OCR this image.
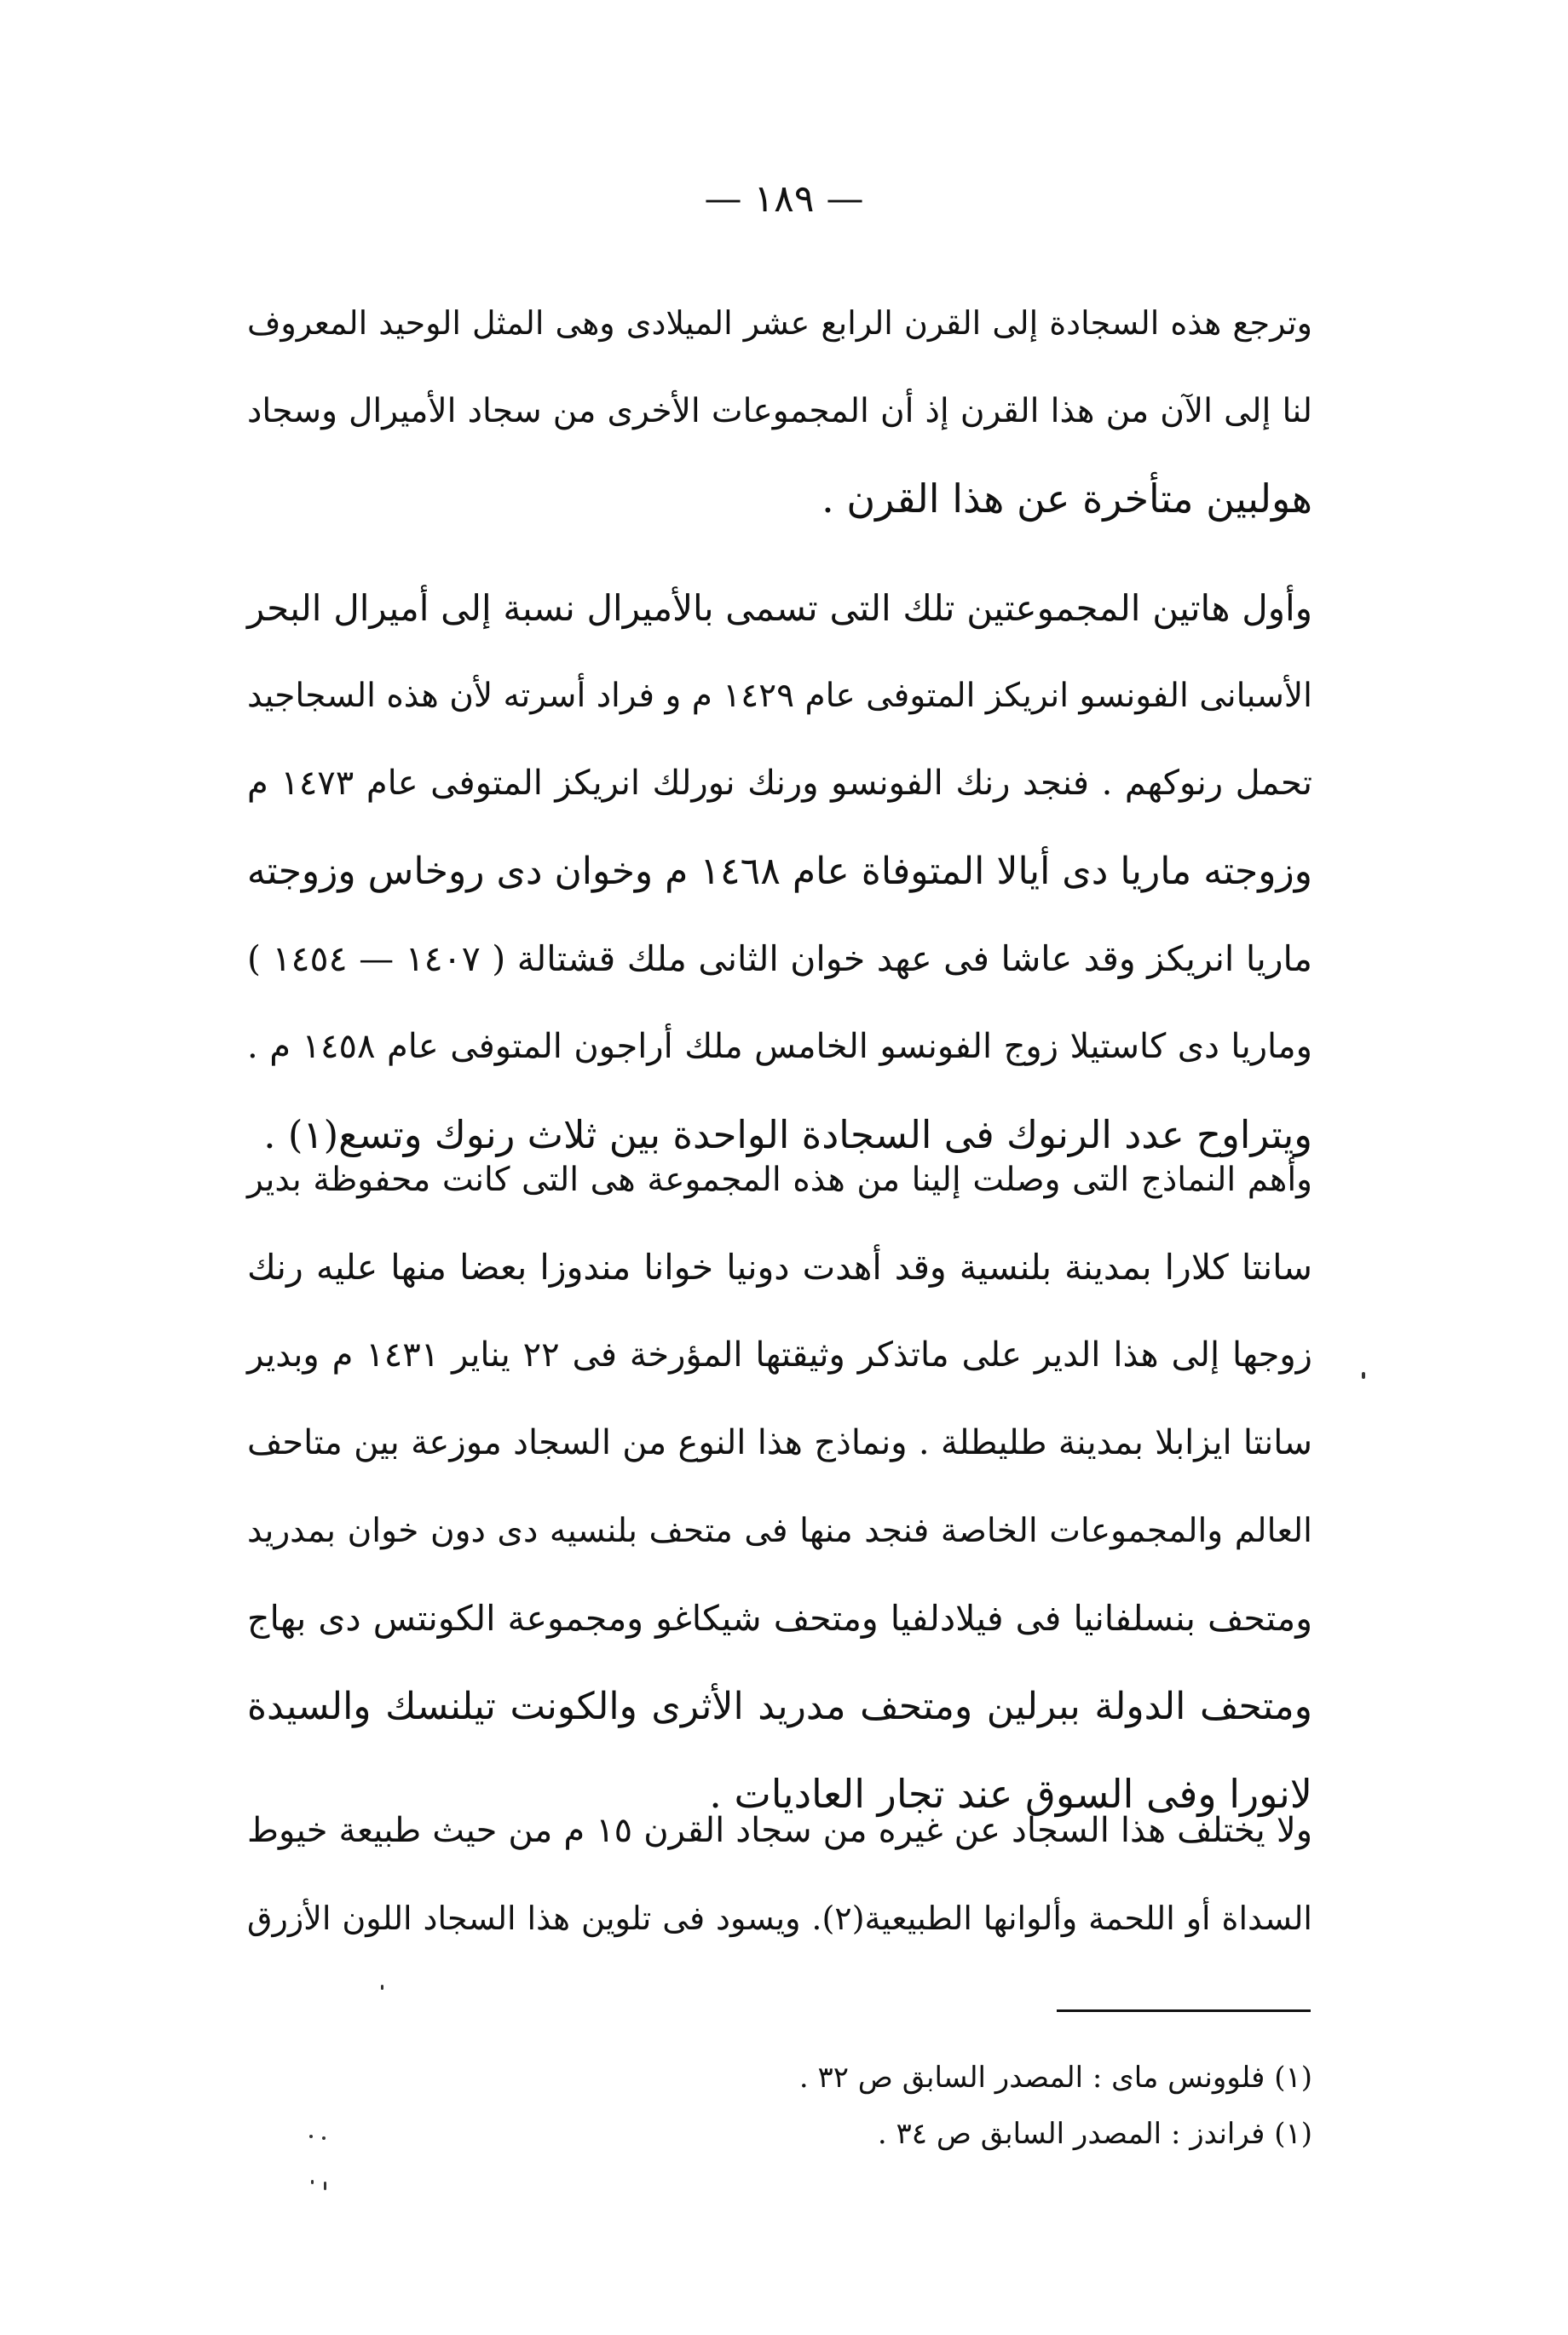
— ١٨٩ —
وترجع هذه السجادة إلى القرن الرابع عشر الميلادى وهى المثل الوحيد المعروف
لنا إلى الآن من هذا القرن إذ أن المجموعات الأخرى من سجاد الأميرال وسجاد
هولبين متأخرة عن هذا القرن .
وأول هاتين المجموعتين تلك التى تسمى بالأميرال نسبة إلى أميرال البحر
الأسبانى الفونسو انريكز المتوفى عام ١٤٢٩ م و فراد أسرته لأن هذه السجاجيد
تحمل رنوكهم . فنجد رنك الفونسو ورنك نورلك انريكز المتوفى عام ١٤٧٣ م
وزوجته ماريا دى أيالا المتوفاة عام ١٤٦٨ م وخوان دى روخاس وزوجته
ماريا انريكز وقد عاشا فى عهد خوان الثانى ملك قشتالة ( ١٤٠٧ — ١٤٥٤ )
وماريا دى كاستيلا زوج الفونسو الخامس ملك أراجون المتوفى عام ١٤٥٨ م .
ويتراوح عدد الرنوك فى السجادة الواحدة بين ثلاث رنوك وتسع(١) .
وأهم النماذج التى وصلت إلينا من هذه المجموعة هى التى كانت محفوظة بدير
سانتا كلارا بمدينة بلنسية وقد أهدت دونيا خوانا مندوزا بعضا منها عليه رنك
زوجها إلى هذا الدير على ماتذكر وثيقتها المؤرخة فى ٢٢ يناير ١٤٣١ م وبدير
سانتا ايزابلا بمدينة طليطلة . ونماذج هذا النوع من السجاد موزعة بين متاحف
العالم والمجموعات الخاصة فنجد منها فى متحف بلنسيه دى دون خوان بمدريد
ومتحف بنسلفانيا فى فيلادلفيا ومتحف شيكاغو ومجموعة الكونتس دى بهاج
ومتحف الدولة ببرلين ومتحف مدريد الأثرى والكونت تيلنسك والسيدة
لانورا وفى السوق عند تجار العاديات .
ولا يختلف هذا السجاد عن غيره من سجاد القرن ١٥ م من حيث طبيعة خيوط
السداة أو اللحمة وألوانها الطبيعية(٢). ويسود فى تلوين هذا السجاد اللون الأزرق
(١) فلوونس ماى : المصدر السابق ص ٣٢ .
(١) فراندز : المصدر السابق ص ٣٤ .
